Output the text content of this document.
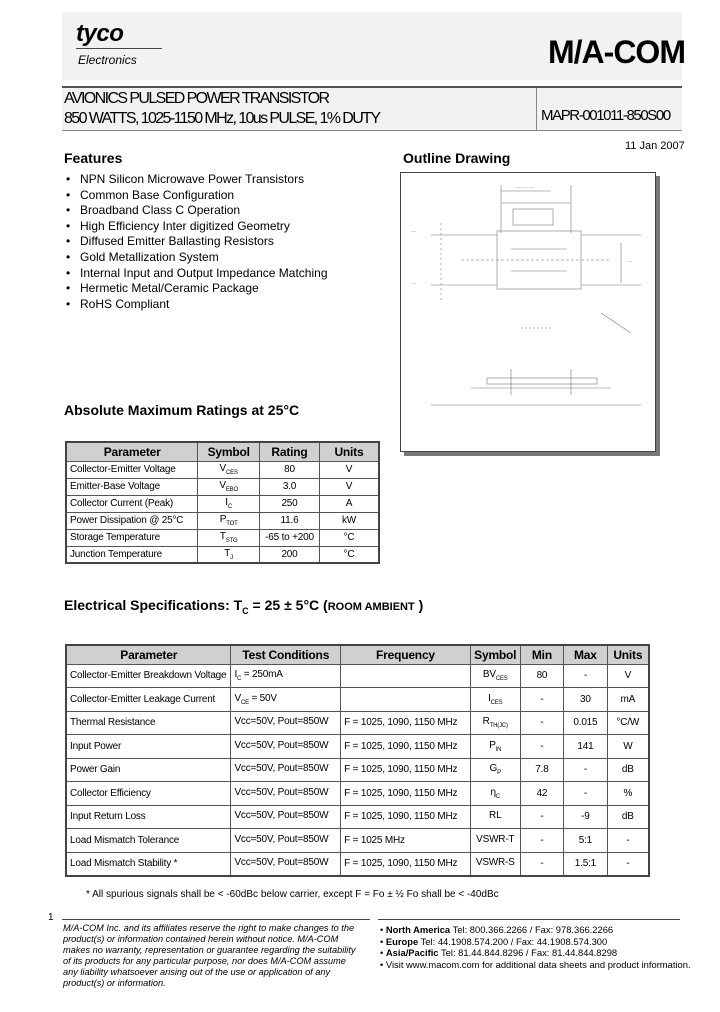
tyco
Electronics	M/A-COM
AVIONICS PULSED POWER TRANSISTOR
850 WATTS, 1025-1150 MHz, 10us PULSE, 1% DUTY	MAPR-001011-850S00
11 Jan 2007
Features
• NPN Silicon Microwave Power Transistors
• Common Base Configuration
• Broadband Class C Operation
• High Efficiency Inter digitized Geometry
• Diffused Emitter Ballasting Resistors
• Gold Metallization System
• Internal Input and Output Impedance Matching
• Hermetic Metal/Ceramic Package
• RoHS Compliant
Outline Drawing
— — —
—
—
—
Absolute Maximum Ratings at 25°C
Parameter	Symbol	Rating	Units
Collector-Emitter Voltage	$V_{CES}$	80	V
Emitter-Base Voltage	$V_{EBO}$	3.0	V
Collector Current (Peak)	$I_C$	250	A
Power Dissipation @ 25°C	$P_{TOT}$	11.6	kW
Storage Temperature	$T_{STG}$	-65 to +200	°C
Junction Temperature	$T_J$	200	°C
Electrical Specifications: $T_C = 25 \pm 5^\circ C$ (ROOM AMBIENT )
Parameter	Test Conditions	Frequency	Symbol	Min	Max	Units
Collector-Emitter Breakdown Voltage	$I_C = 250mA$		$BV_{CES}$	80	-	V
Collector-Emitter Leakage Current	$V_{CE} = 50V$		$I_{CES}$	-	30	mA
Thermal Resistance	Vcc=50V, Pout=850W	F = 1025, 1090, 1150 MHz	$R_{TH(JC)}$	-	0.015	°C/W
Input Power	Vcc=50V, Pout=850W	F = 1025, 1090, 1150 MHz	$P_{IN}$	-	141	W
Power Gain	Vcc=50V, Pout=850W	F = 1025, 1090, 1150 MHz	$G_P$	7.8	-	dB
Collector Efficiency	Vcc=50V, Pout=850W	F = 1025, 1090, 1150 MHz	$\eta_C$	42	-	%
Input Return Loss	Vcc=50V, Pout=850W	F = 1025, 1090, 1150 MHz	RL	-	-9	dB
Load Mismatch Tolerance	Vcc=50V, Pout=850W	F = 1025 MHz	VSWR-T	-	5:1	-
Load Mismatch Stability *	Vcc=50V, Pout=850W	F = 1025, 1090, 1150 MHz	VSWR-S	-	1.5:1	-
* All spurious signals shall be < -60dBc below carrier, except F = Fo ± ½ Fo shall be < -40dBc
1
M/A-COM Inc. and its affiliates reserve the right to make changes to the product(s) or information contained herein without notice. M/A-COM makes no warranty, representation or guarantee regarding the suitability of its products for any particular purpose, nor does M/A-COM assume any liability whatsoever arising out of the use or application of any product(s) or information.
• North America Tel: 800.366.2266 / Fax: 978.366.2266
• Europe Tel: 44.1908.574.200 / Fax: 44.1908.574.300
• Asia/Pacific Tel: 81.44.844.8296 / Fax: 81.44.844.8298
• Visit www.macom.com for additional data sheets and product information.
